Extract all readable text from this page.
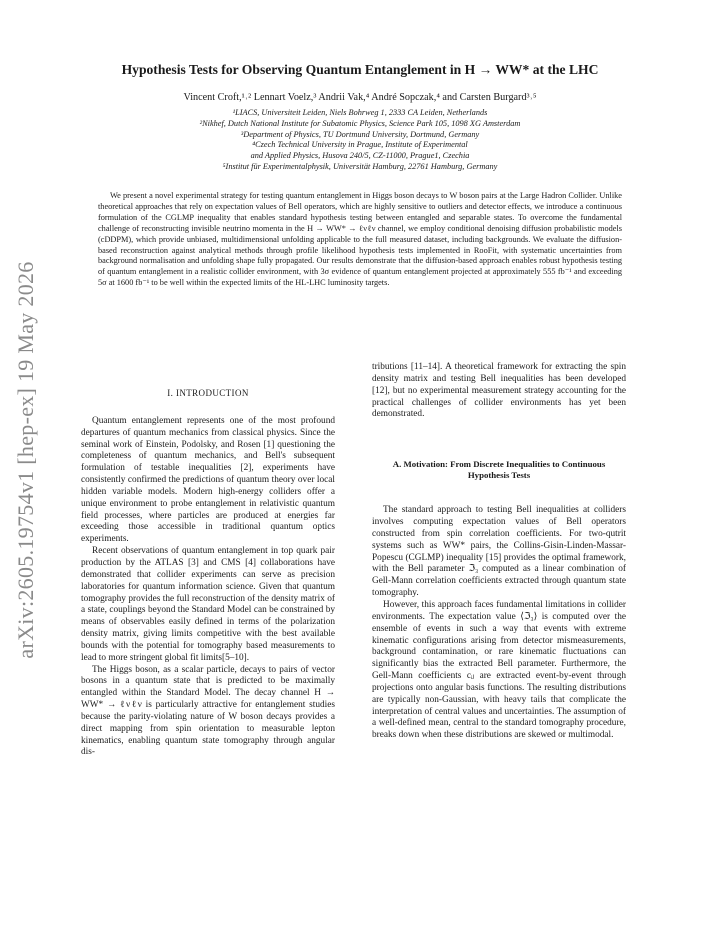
arXiv:2605.19754v1 [hep-ex] 19 May 2026
Hypothesis Tests for Observing Quantum Entanglement in H → WW* at the LHC
Vincent Croft,¹˒² Lennart Voelz,³ Andrii Vak,⁴ André Sopczak,⁴ and Carsten Burgard³˒⁵
¹LIACS, Universiteit Leiden, Niels Bohrweg 1, 2333 CA Leiden, Netherlands
²Nikhef, Dutch National Institute for Subatomic Physics, Science Park 105, 1098 XG Amsterdam
³Department of Physics, TU Dortmund University, Dortmund, Germany
⁴Czech Technical University in Prague, Institute of Experimental
and Applied Physics, Husova 240/5, CZ-11000, Prague1, Czechia
⁵Institut für Experimentalphysik, Universität Hamburg, 22761 Hamburg, Germany

We present a novel experimental strategy for testing quantum entanglement in Higgs boson decays to W boson pairs at the Large Hadron Collider. Unlike theoretical approaches that rely on expectation values of Bell operators, which are highly sensitive to outliers and detector effects, we introduce a continuous formulation of the CGLMP inequality that enables standard hypothesis testing between entangled and separable states. To overcome the fundamental challenge of reconstructing invisible neutrino momenta in the H → WW* → ℓνℓν channel, we employ conditional denoising diffusion probabilistic models (cDDPM), which provide unbiased, multidimensional unfolding applicable to the full measured dataset, including backgrounds. We evaluate the diffusion-based reconstruction against analytical methods through profile likelihood hypothesis tests implemented in RooFit, with systematic uncertainties from background normalisation and unfolding shape fully propagated. Our results demonstrate that the diffusion-based approach enables robust hypothesis testing of quantum entanglement in a realistic collider environment, with 3σ evidence of quantum entanglement projected at approximately 555 fb⁻¹ and exceeding 5σ at 1600 fb⁻¹ to be well within the expected limits of the HL-LHC luminosity targets.

I. INTRODUCTION

Quantum entanglement represents one of the most profound departures of quantum mechanics from classical physics. Since the seminal work of Einstein, Podolsky, and Rosen [1] questioning the completeness of quantum mechanics, and Bell's subsequent formulation of testable inequalities [2], experiments have consistently confirmed the predictions of quantum theory over local hidden variable models. Modern high-energy colliders offer a unique environment to probe entanglement in relativistic quantum field processes, where particles are produced at energies far exceeding those accessible in traditional quantum optics experiments.

Recent observations of quantum entanglement in top quark pair production by the ATLAS [3] and CMS [4] collaborations have demonstrated that collider experiments can serve as precision laboratories for quantum information science. Given that quantum tomography provides the full reconstruction of the density matrix of a state, couplings beyond the Standard Model can be constrained by means of observables easily defined in terms of the polarization density matrix, giving limits competitive with the best available bounds with the potential for tomography based measurements to lead to more stringent global fit limits[5–10].

The Higgs boson, as a scalar particle, decays to pairs of vector bosons in a quantum state that is predicted to be maximally entangled within the Standard Model. The decay channel H → WW* → ℓνℓν is particularly attractive for entanglement studies because the parity-violating nature of W boson decays provides a direct mapping from spin orientation to measurable lepton kinematics, enabling quantum state tomography through angular dis-

tributions [11–14]. A theoretical framework for extracting the spin density matrix and testing Bell inequalities has been developed [12], but no experimental measurement strategy accounting for the practical challenges of collider environments has yet been demonstrated.

A. Motivation: From Discrete Inequalities to Continuous Hypothesis Tests

The standard approach to testing Bell inequalities at colliders involves computing expectation values of Bell operators constructed from spin correlation coefficients. For two-qutrit systems such as WW* pairs, the Collins-Gisin-Linden-Massar-Popescu (CGLMP) inequality [15] provides the optimal framework, with the Bell parameter ℑ₃ computed as a linear combination of Gell-Mann correlation coefficients extracted through quantum state tomography.

However, this approach faces fundamental limitations in collider environments. The expectation value ⟨ℑ₃⟩ is computed over the ensemble of events in such a way that events with extreme kinematic configurations arising from detector mismeasurements, background contamination, or rare kinematic fluctuations can significantly bias the extracted Bell parameter. Furthermore, the Gell-Mann coefficients cᵢⱼ are extracted event-by-event through projections onto angular basis functions. The resulting distributions are typically non-Gaussian, with heavy tails that complicate the interpretation of central values and uncertainties. The assumption of a well-defined mean, central to the standard tomography procedure, breaks down when these distributions are skewed or multimodal.
